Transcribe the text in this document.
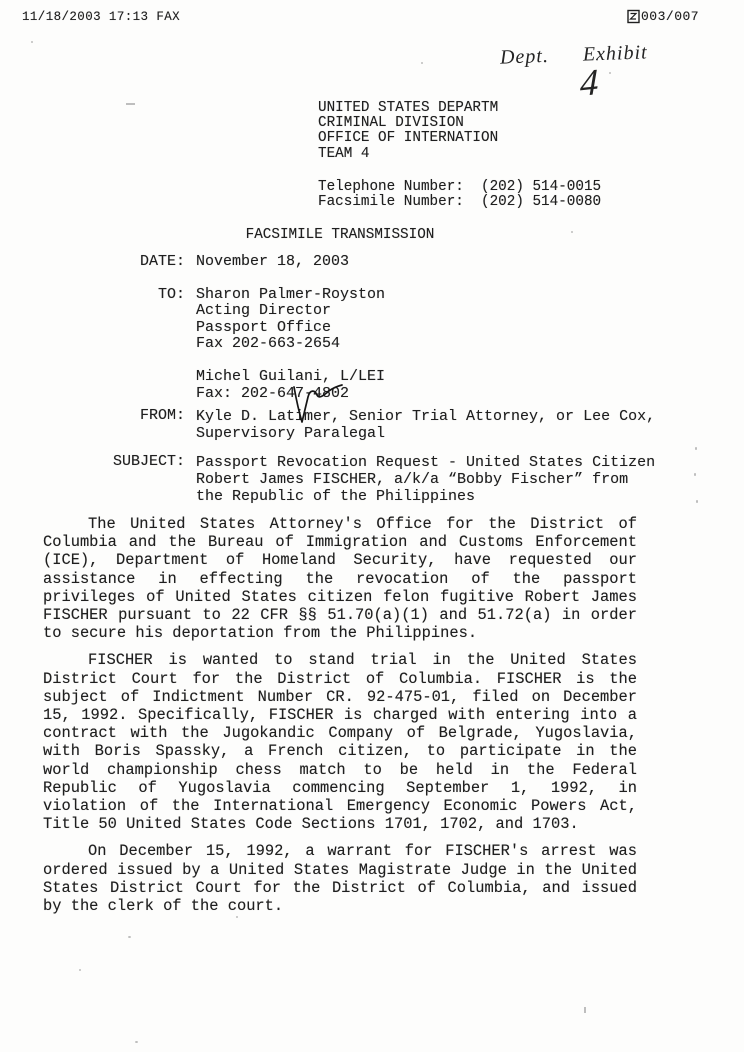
11/18/2003 17:13 FAX	003/007
Dept. Exhibit
4
UNITED STATES DEPARTM
CRIMINAL DIVISION
OFFICE OF INTERNATION
TEAM 4
Telephone Number:	(202) 514-0015
Facsimile Number:	(202) 514-0080
FACSIMILE TRANSMISSION
DATE: November 18, 2003
TO: Sharon Palmer-Royston
Acting Director
Passport Office
Fax 202-663-2654
Michel Guilani, L/LEI
Fax: 202-647-4802
FROM: Kyle D. Latimer, Senior Trial Attorney, or Lee Cox,
Supervisory Paralegal
SUBJECT: Passport Revocation Request - United States Citizen
Robert James FISCHER, a/k/a “Bobby Fischer” from
the Republic of the Philippines

The United States Attorney's Office for the District of Columbia and the Bureau of Immigration and Customs Enforcement (ICE), Department of Homeland Security, have requested our assistance in effecting the revocation of the passport privileges of United States citizen felon fugitive Robert James FISCHER pursuant to 22 CFR §§ 51.70(a)(1) and 51.72(a) in order to secure his deportation from the Philippines.

FISCHER is wanted to stand trial in the United States District Court for the District of Columbia. FISCHER is the subject of Indictment Number CR. 92-475-01, filed on December 15, 1992. Specifically, FISCHER is charged with entering into a contract with the Jugokandic Company of Belgrade, Yugoslavia, with Boris Spassky, a French citizen, to participate in the world championship chess match to be held in the Federal Republic of Yugoslavia commencing September 1, 1992, in violation of the International Emergency Economic Powers Act, Title 50 United States Code Sections 1701, 1702, and 1703.

On December 15, 1992, a warrant for FISCHER's arrest was ordered issued by a United States Magistrate Judge in the United States District Court for the District of Columbia, and issued by the clerk of the court.
